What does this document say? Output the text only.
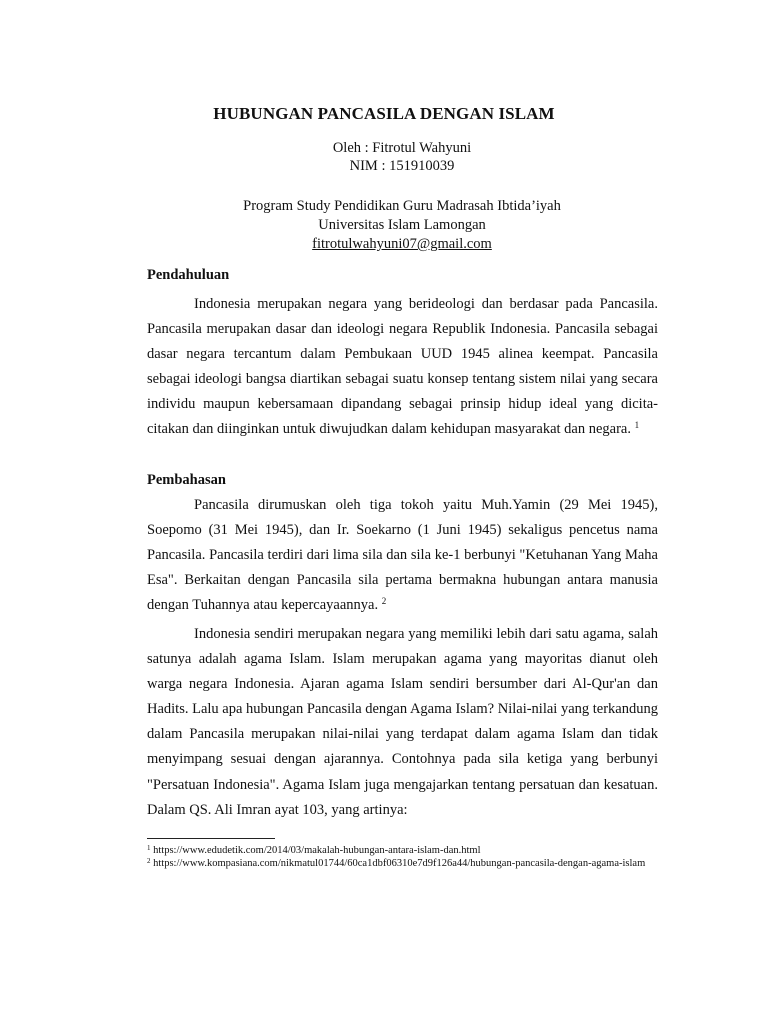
HUBUNGAN PANCASILA DENGAN ISLAM
Oleh : Fitrotul Wahyuni
NIM : 151910039
Program Study Pendidikan Guru Madrasah Ibtida’iyah
Universitas Islam Lamongan
fitrotulwahyuni07@gmail.com
Pendahuluan

Indonesia merupakan negara yang berideologi dan berdasar pada Pancasila. Pancasila merupakan dasar dan ideologi negara Republik Indonesia. Pancasila sebagai dasar negara tercantum dalam Pembukaan UUD 1945 alinea keempat. Pancasila sebagai ideologi bangsa diartikan sebagai suatu konsep tentang sistem nilai yang secara individu maupun kebersamaan dipandang sebagai prinsip hidup ideal yang dicita-citakan dan diinginkan untuk diwujudkan dalam kehidupan masyarakat dan negara. $^1$

Pembahasan

Pancasila dirumuskan oleh tiga tokoh yaitu Muh.Yamin (29 Mei 1945), Soepomo (31 Mei 1945), dan Ir. Soekarno (1 Juni 1945) sekaligus pencetus nama Pancasila. Pancasila terdiri dari lima sila dan sila ke-1 berbunyi "Ketuhanan Yang Maha Esa". Berkaitan dengan Pancasila sila pertama bermakna hubungan antara manusia dengan Tuhannya atau kepercayaannya. $^2$

Indonesia sendiri merupakan negara yang memiliki lebih dari satu agama, salah satunya adalah agama Islam. Islam merupakan agama yang mayoritas dianut oleh warga negara Indonesia. Ajaran agama Islam sendiri bersumber dari Al-Qur'an dan Hadits. Lalu apa hubungan Pancasila dengan Agama Islam? Nilai-nilai yang terkandung dalam Pancasila merupakan nilai-nilai yang terdapat dalam agama Islam dan tidak menyimpang sesuai dengan ajarannya. Contohnya pada sila ketiga yang berbunyi "Persatuan Indonesia". Agama Islam juga mengajarkan tentang persatuan dan kesatuan. Dalam QS. Ali Imran ayat 103, yang artinya:

$^1$ https://www.edudetik.com/2014/03/makalah-hubungan-antara-islam-dan.html
$^2$ https://www.kompasiana.com/nikmatul01744/60ca1dbf06310e7d9f126a44/hubungan-pancasila-dengan-agama-islam
